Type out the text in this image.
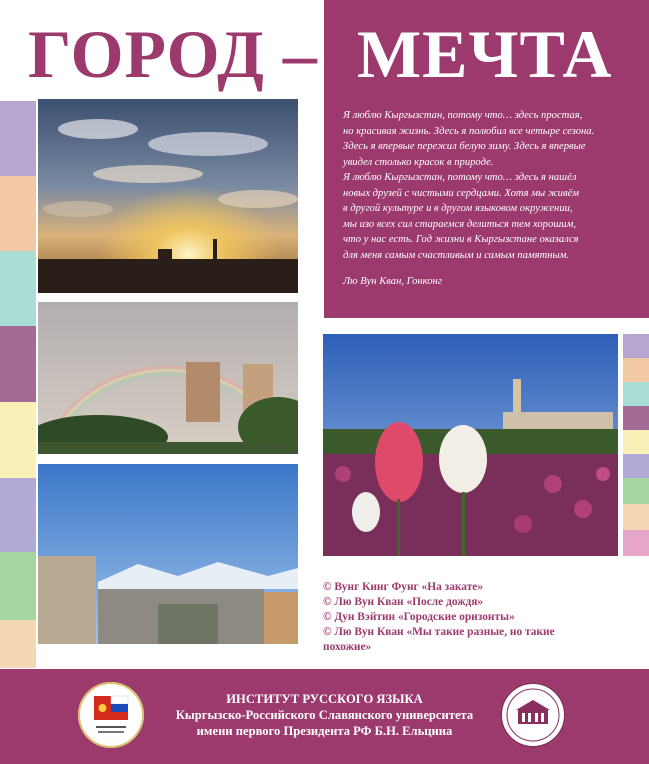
ГОРОД – МЕЧТА

Я люблю Кыргызстан, потому что… здесь простая,

но красивая жизнь. Здесь я полюбил все четыре сезона.

Здесь я впервые пережил белую зиму. Здесь я впервые

увидел столько красок в природе.

Я люблю Кыргызстан, потому что… здесь я нашёл

новых друзей с чистыми сердцами. Хотя мы живём

в другой культуре и в другом языковом окружении,

мы изо всех сил стараемся делиться тем хорошим,

что у нас есть. Год жизни в Кыргызстане оказался

для меня самым счастливым и самым памятным.

Лю Вун Кван, Гонконг
© Вунг Кинг Фунг «На закате»
© Лю Вун Кван «После дождя»
© Дун Вэйтин «Городские оризонты»
© Лю Вун Кван «Мы такие разные, но такие
похожие»
ИНСТИТУТ РУССКОГО ЯЗЫКА
Кыргызско-Российского Славянского университета
имени первого Президента РФ Б.Н. Ельцина
